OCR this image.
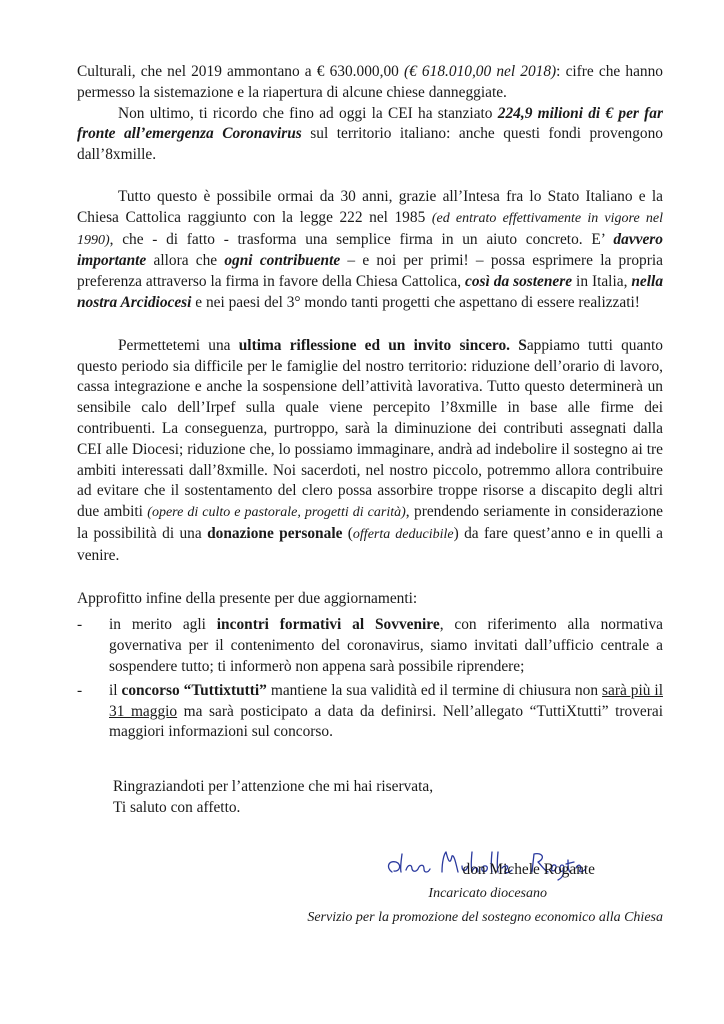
Culturali, che nel 2019 ammontano a € 630.000,00 (€ 618.010,00 nel 2018): cifre che hanno permesso la sistemazione e la riapertura di alcune chiese danneggiate.

Non ultimo, ti ricordo che fino ad oggi la CEI ha stanziato 224,9 milioni di € per far fronte all’emergenza Coronavirus sul territorio italiano: anche questi fondi provengono dall’8xmille.

Tutto questo è possibile ormai da 30 anni, grazie all’Intesa fra lo Stato Italiano e la Chiesa Cattolica raggiunto con la legge 222 nel 1985 (ed entrato effettivamente in vigore nel 1990), che - di fatto - trasforma una semplice firma in un aiuto concreto. E’ davvero importante allora che ogni contribuente – e noi per primi! – possa esprimere la propria preferenza attraverso la firma in favore della Chiesa Cattolica, così da sostenere in Italia, nella nostra Arcidiocesi e nei paesi del 3° mondo tanti progetti che aspettano di essere realizzati!

Permettetemi una ultima riflessione ed un invito sincero. Sappiamo tutti quanto questo periodo sia difficile per le famiglie del nostro territorio: riduzione dell’orario di lavoro, cassa integrazione e anche la sospensione dell’attività lavorativa. Tutto questo determinerà un sensibile calo dell’Irpef sulla quale viene percepito l’8xmille in base alle firme dei contribuenti. La conseguenza, purtroppo, sarà la diminuzione dei contributi assegnati dalla CEI alle Diocesi; riduzione che, lo possiamo immaginare, andrà ad indebolire il sostegno ai tre ambiti interessati dall’8xmille. Noi sacerdoti, nel nostro piccolo, potremmo allora contribuire ad evitare che il sostentamento del clero possa assorbire troppe risorse a discapito degli altri due ambiti (opere di culto e pastorale, progetti di carità), prendendo seriamente in considerazione la possibilità di una donazione personale (offerta deducibile) da fare quest’anno e in quelli a venire.

Approfitto infine della presente per due aggiornamenti:

- in merito agli incontri formativi al Sovvenire, con riferimento alla normativa governativa per il contenimento del coronavirus, siamo invitati dall’ufficio centrale a sospendere tutto; ti informerò non appena sarà possibile riprendere;
- il concorso “Tuttixtutti” mantiene la sua validità ed il termine di chiusura non sarà più il 31 maggio ma sarà posticipato a data da definirsi. Nell’allegato “TuttiXtutti” troverai maggiori informazioni sul concorso.

Ringraziandoti per l’attenzione che mi hai riservata,
Ti saluto con affetto.

don Michele Rogante
Incaricato diocesano
Servizio per la promozione del sostegno economico alla Chiesa
